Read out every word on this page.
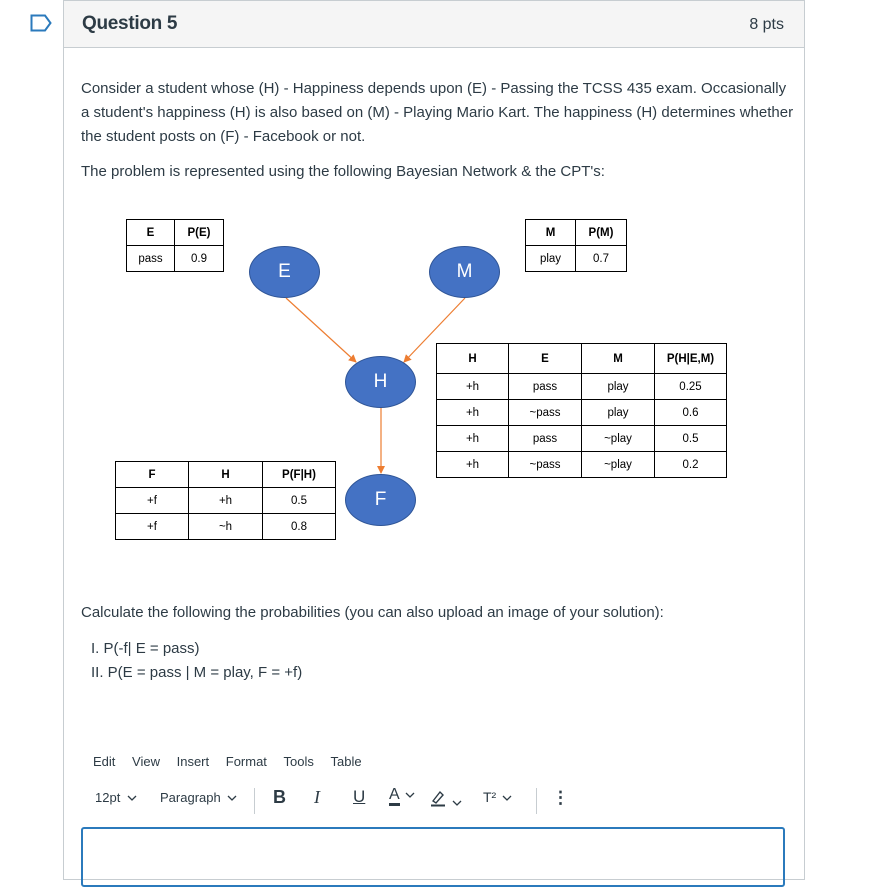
Question 5	8 pts
Consider a student whose (H) - Happiness depends upon (E) - Passing the TCSS 435 exam. Occasionally a student's happiness (H) is also based on (M) - Playing Mario Kart. The happiness (H) determines whether the student posts on (F) - Facebook or not.
The problem is represented using the following Bayesian Network & the CPT's:
E	M
H
F
E	P(E)
pass	0.9
M	P(M)
play	0.7
H	E	M	P(H|E,M)
+h	pass	play	0.25
+h	~pass	play	0.6
+h	pass	~play	0.5
+h	~pass	~play	0.2
F	H	P(F|H)
+f	+h	0.5
+f	~h	0.8
Calculate the following the probabilities (you can also upload an image of your solution):
I. P(-f| E = pass)
II. P(E = pass | M = play, F = +f)
Edit View Insert Format Tools Table
12pt	Paragraph	B I U A
	T²	⋮
